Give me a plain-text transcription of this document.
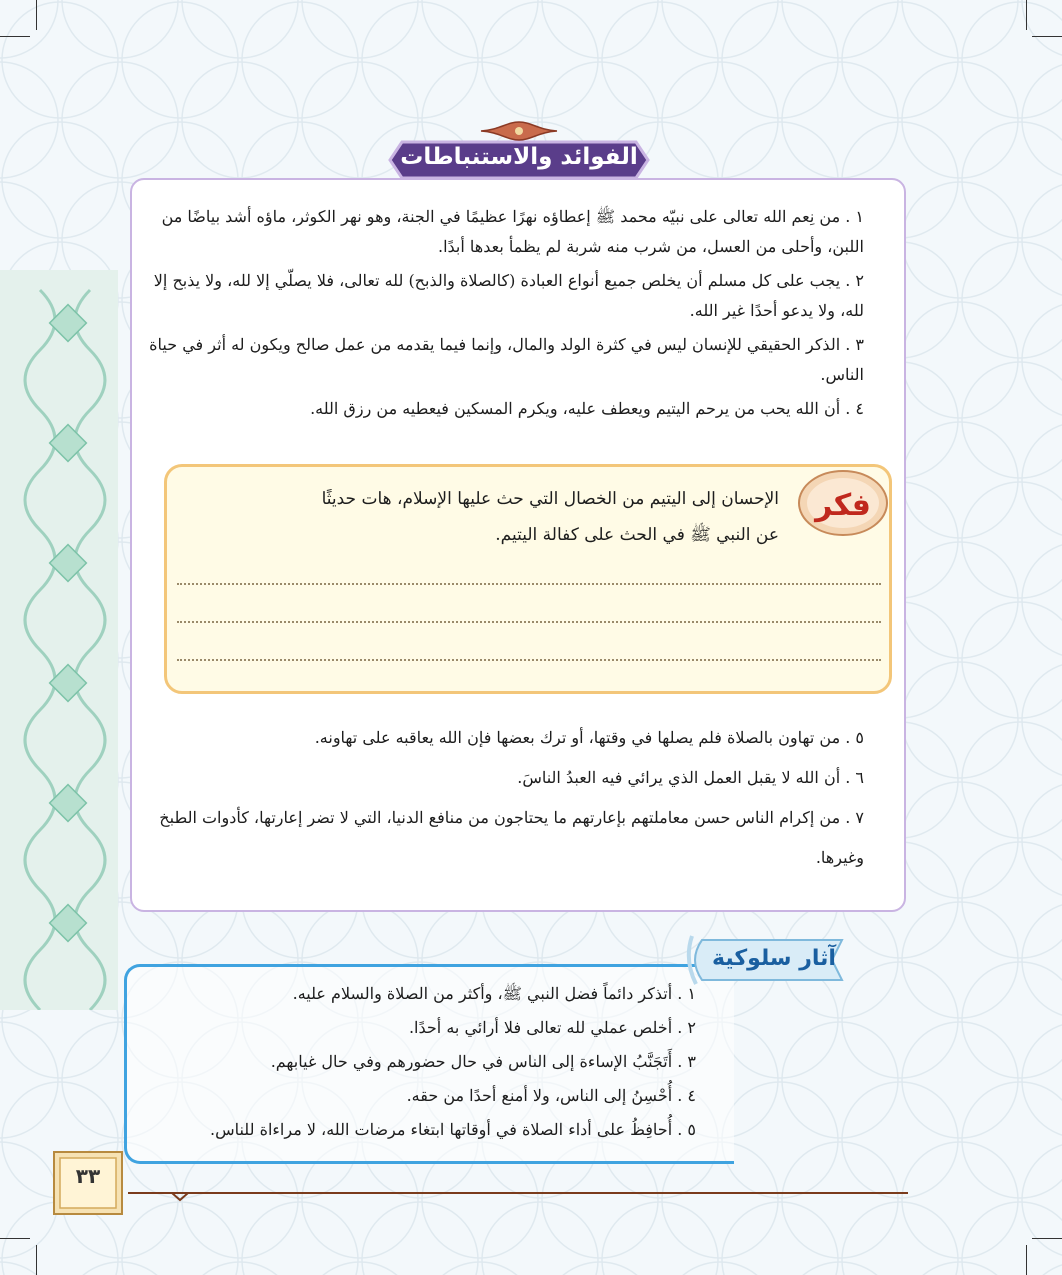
الفوائد والاستنباطات
١ . من نِعم الله تعالى على نبيّه محمد ﷺ إعطاؤه نهرًا عظيمًا في الجنة، وهو نهر الكوثر، ماؤه أشد بياضًا من اللبن، وأحلى من العسل، من شرب منه شربة لم يظمأ بعدها أبدًا.
٢ . يجب على كل مسلم أن يخلص جميع أنواع العبادة (كالصلاة والذبح) لله تعالى، فلا يصلّي إلا لله، ولا يذبح إلا لله، ولا يدعو أحدًا غير الله.
٣ . الذكر الحقيقي للإنسان ليس في كثرة الولد والمال، وإنما فيما يقدمه من عمل صالح ويكون له أثر في حياة الناس.
٤ . أن الله يحب من يرحم اليتيم ويعطف عليه، ويكرم المسكين فيعطيه من رزق الله.
فكر
الإحسان إلى اليتيم من الخصال التي حث عليها الإسلام، هات حديثًا
عن النبي ﷺ في الحث على كفالة اليتيم.
٥ . من تهاون بالصلاة فلم يصلها في وقتها، أو ترك بعضها فإن الله يعاقبه على تهاونه.
٦ . أن الله لا يقبل العمل الذي يرائي فيه العبدُ الناسَ.
٧ . من إكرام الناس حسن معاملتهم بإعارتهم ما يحتاجون من منافع الدنيا، التي لا تضر إعارتها، كأدوات الطبخ وغيرها.
آثار سلوكية
١ . أتذكر دائماً فضل النبي ﷺ، وأكثر من الصلاة والسلام عليه.
٢ . أخلص عملي لله تعالى فلا أرائي به أحدًا.
٣ . أَتَجَنَّبُ الإساءة إلى الناس في حال حضورهم وفي حال غيابهم.
٤ . أُحْسِنُ إلى الناس، ولا أمنع أحدًا من حقه.
٥ . أُحافِظُ على أداء الصلاة في أوقاتها ابتغاء مرضات الله، لا مراءاة للناس.
٣٣
